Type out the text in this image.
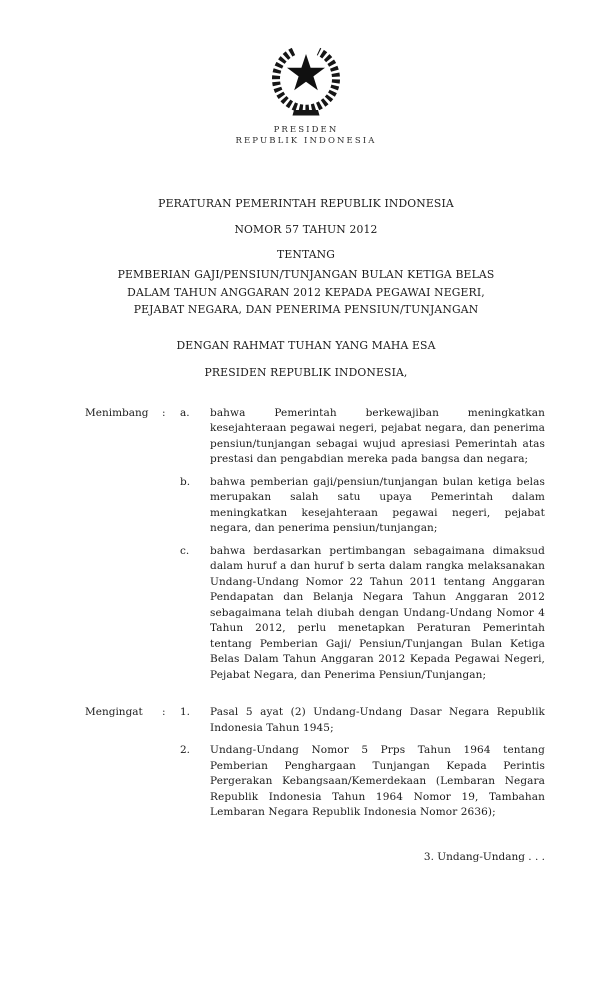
PRESIDEN
REPUBLIK INDONESIA
PERATURAN PEMERINTAH REPUBLIK INDONESIA
NOMOR 57 TAHUN 2012
TENTANG
PEMBERIAN GAJI/PENSIUN/TUNJANGAN BULAN KETIGA BELAS
DALAM TAHUN ANGGARAN 2012 KEPADA PEGAWAI NEGERI,
PEJABAT NEGARA, DAN PENERIMA PENSIUN/TUNJANGAN
DENGAN RAHMAT TUHAN YANG MAHA ESA
PRESIDEN REPUBLIK INDONESIA,
Menimbang	:	a.	bahwa Pemerintah berkewajiban meningkatkan kesejahteraan pegawai negeri, pejabat negara, dan penerima pensiun/tunjangan sebagai wujud apresiasi Pemerintah atas prestasi dan pengabdian mereka pada bangsa dan negara;
b.	bahwa pemberian gaji/pensiun/tunjangan bulan ketiga belas merupakan salah satu upaya Pemerintah dalam meningkatkan kesejahteraan pegawai negeri, pejabat negara, dan penerima pensiun/tunjangan;
c.	bahwa berdasarkan pertimbangan sebagaimana dimaksud dalam huruf a dan huruf b serta dalam rangka melaksanakan Undang-Undang Nomor 22 Tahun 2011 tentang Anggaran Pendapatan dan Belanja Negara Tahun Anggaran 2012 sebagaimana telah diubah dengan Undang-Undang Nomor 4 Tahun 2012, perlu menetapkan Peraturan Pemerintah tentang Pemberian Gaji/ Pensiun/Tunjangan Bulan Ketiga Belas Dalam Tahun Anggaran 2012 Kepada Pegawai Negeri, Pejabat Negara, dan Penerima Pensiun/Tunjangan;
Mengingat	:	1.	Pasal 5 ayat (2) Undang-Undang Dasar Negara Republik Indonesia Tahun 1945;
2.	Undang-Undang Nomor 5 Prps Tahun 1964 tentang Pemberian Penghargaan Tunjangan Kepada Perintis Pergerakan Kebangsaan/Kemerdekaan (Lembaran Negara Republik Indonesia Tahun 1964 Nomor 19, Tambahan Lembaran Negara Republik Indonesia Nomor 2636);
3. Undang-Undang . . .
